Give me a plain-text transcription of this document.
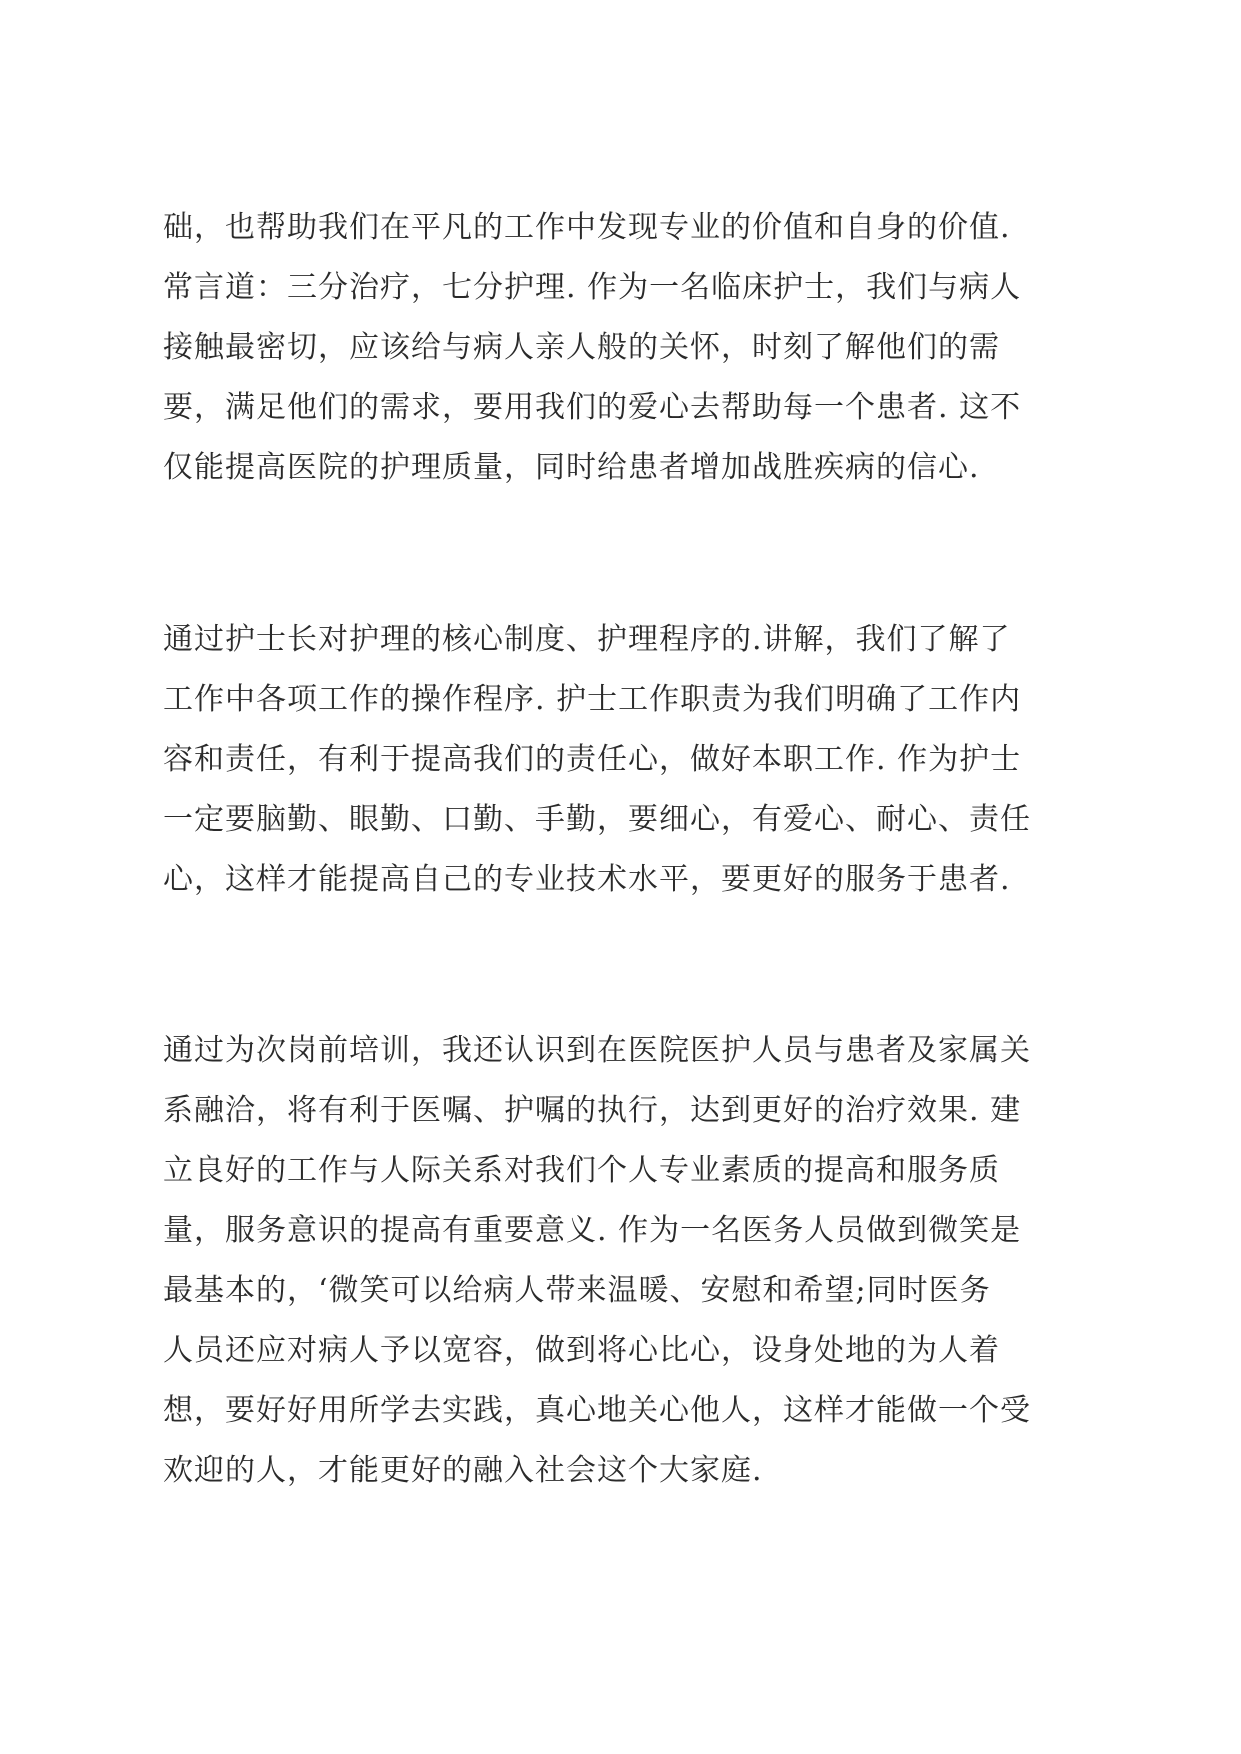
础，也帮助我们在平凡的工作中发现专业的价值和自身的价值.
常言道：三分治疗，七分护理. 作为一名临床护士，我们与病人
接触最密切，应该给与病人亲人般的关怀，时刻了解他们的需
要，满足他们的需求，要用我们的爱心去帮助每一个患者. 这不
仅能提高医院的护理质量，同时给患者增加战胜疾病的信心.
通过护士长对护理的核心制度、护理程序的.讲解，我们了解了
工作中各项工作的操作程序. 护士工作职责为我们明确了工作内
容和责任，有利于提高我们的责任心，做好本职工作. 作为护士
一定要脑勤、眼勤、口勤、手勤，要细心，有爱心、耐心、责任
心，这样才能提高自己的专业技术水平，要更好的服务于患者.
通过为次岗前培训，我还认识到在医院医护人员与患者及家属关
系融洽，将有利于医嘱、护嘱的执行，达到更好的治疗效果. 建
立良好的工作与人际关系对我们个人专业素质的提高和服务质
量，服务意识的提高有重要意义. 作为一名医务人员做到微笑是
最基本的，‘微笑可以给病人带来温暖、安慰和希望;同时医务
人员还应对病人予以宽容，做到将心比心，设身处地的为人着
想，要好好用所学去实践，真心地关心他人，这样才能做一个受
欢迎的人，才能更好的融入社会这个大家庭.
